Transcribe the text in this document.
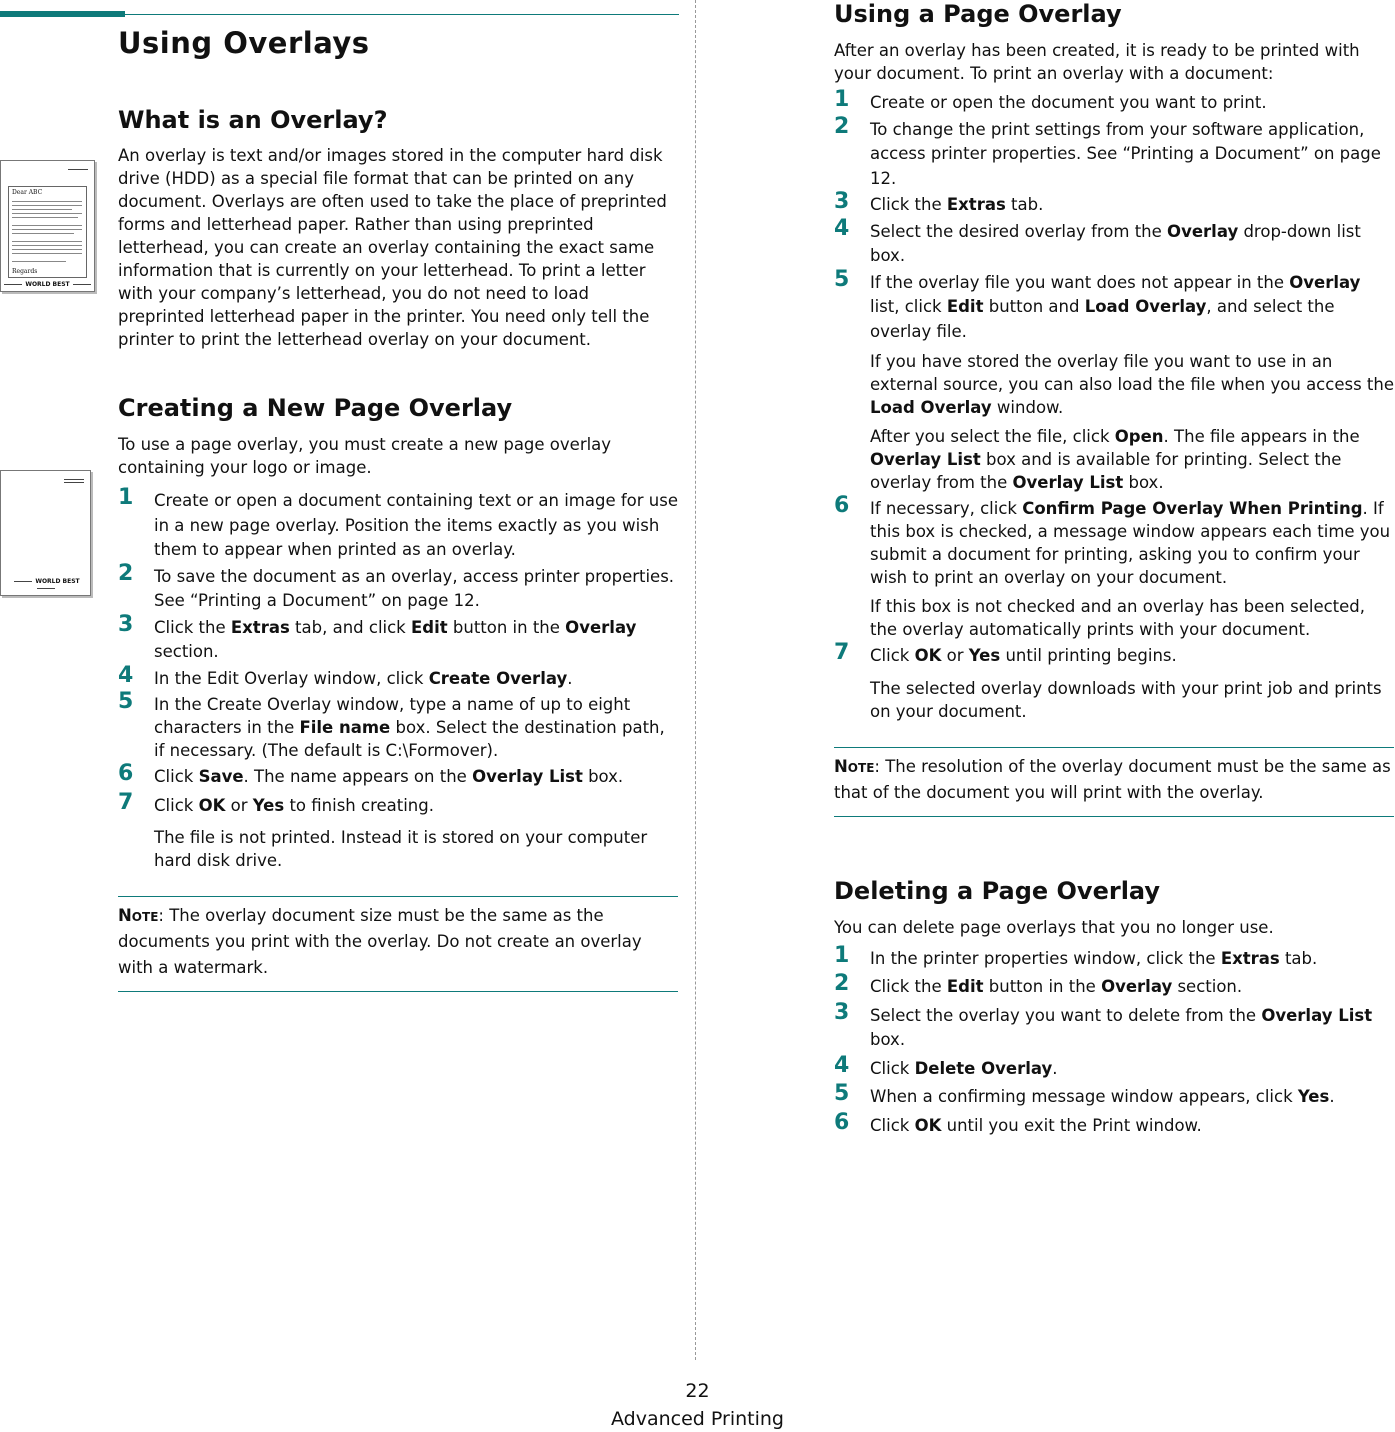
Dear ABC
Regards
WORLD BEST
WORLD BEST
Using Overlays
What is an Overlay?

An overlay is text and/or images stored in the computer hard disk drive (HDD) as a special file format that can be printed on any document. Overlays are often used to take the place of preprinted forms and letterhead paper. Rather than using preprinted letterhead, you can create an overlay containing the exact same information that is currently on your letterhead. To print a letter with your company’s letterhead, you do not need to load preprinted letterhead paper in the printer. You need only tell the printer to print the letterhead overlay on your document.

Creating a New Page Overlay

To use a page overlay, you must create a new page overlay containing your logo or image.

1 Create or open a document containing text or an image for use in a new page overlay. Position the items exactly as you wish them to appear when printed as an overlay.
2 To save the document as an overlay, access printer properties. See “Printing a Document” on page 12.
3 Click the Extras tab, and click Edit button in the Overlay section.
4 In the Edit Overlay window, click Create Overlay.
5 In the Create Overlay window, type a name of up to eight characters in the File name box. Select the destination path, if necessary. (The default is C:\Formover).
6 Click Save. The name appears on the Overlay List box.
7 Click OK or Yes to finish creating.

The file is not printed. Instead it is stored on your computer hard disk drive.

Note: The overlay document size must be the same as the documents you print with the overlay. Do not create an overlay with a watermark.
Using a Page Overlay

After an overlay has been created, it is ready to be printed with your document. To print an overlay with a document:

1 Create or open the document you want to print.
2 To change the print settings from your software application, access printer properties. See “Printing a Document” on page 12.
3 Click the Extras tab.
4 Select the desired overlay from the Overlay drop-down list box.
5 If the overlay file you want does not appear in the Overlay list, click Edit button and Load Overlay, and select the overlay file.

If you have stored the overlay file you want to use in an external source, you can also load the file when you access the Load Overlay window.

After you select the file, click Open. The file appears in the Overlay List box and is available for printing. Select the overlay from the Overlay List box.

6 If necessary, click Confirm Page Overlay When Printing. If this box is checked, a message window appears each time you submit a document for printing, asking you to confirm your wish to print an overlay on your document.

If this box is not checked and an overlay has been selected, the overlay automatically prints with your document.

7 Click OK or Yes until printing begins.

The selected overlay downloads with your print job and prints on your document.

Note: The resolution of the overlay document must be the same as that of the document you will print with the overlay.
Deleting a Page Overlay

You can delete page overlays that you no longer use.

1 In the printer properties window, click the Extras tab.
2 Click the Edit button in the Overlay section.
3 Select the overlay you want to delete from the Overlay List box.
4 Click Delete Overlay.
5 When a confirming message window appears, click Yes.
6 Click OK until you exit the Print window.
22
Advanced Printing
